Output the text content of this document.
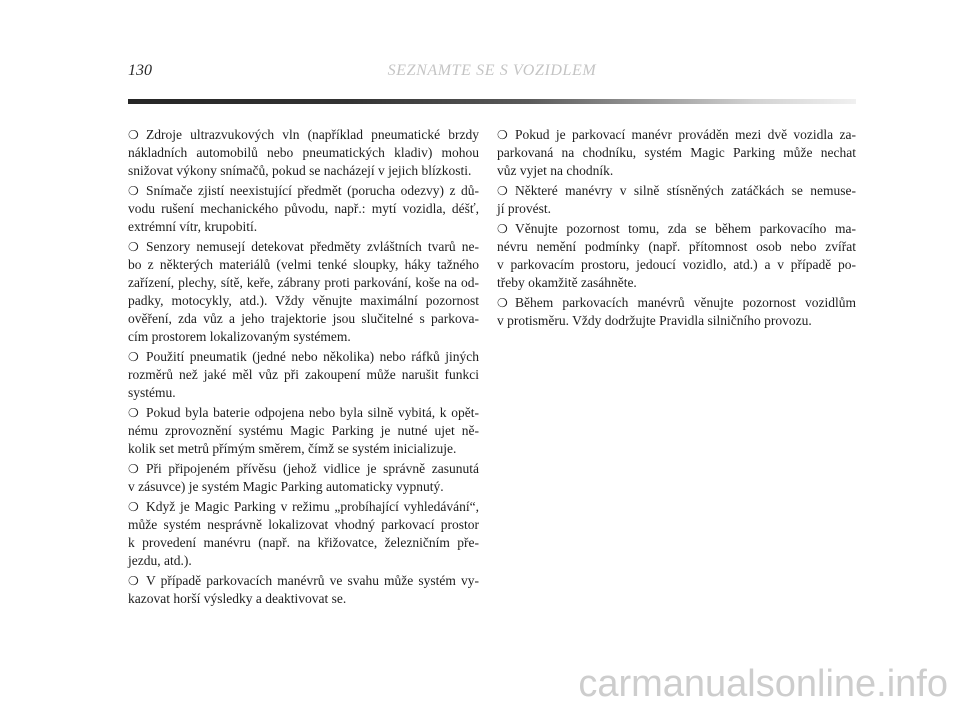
130	SEZNAMTE SE S VOZIDLEM
❍ Zdroje ultrazvukových vln (například pneumatické brzdy
nákladních automobilů nebo pneumatických kladiv) mohou
snižovat výkony snímačů, pokud se nacházejí v jejich blízkosti.
❍ Snímače zjistí neexistující předmět (porucha odezvy) z dů-
vodu rušení mechanického původu, např.: mytí vozidla, déšť,
extrémní vítr, krupobití.
❍ Senzory nemusejí detekovat předměty zvláštních tvarů ne-
bo z některých materiálů (velmi tenké sloupky, háky tažného
zařízení, plechy, sítě, keře, zábrany proti parkování, koše na od-
padky, motocykly, atd.). Vždy věnujte maximální pozornost
ověření, zda vůz a jeho trajektorie jsou slučitelné s parkova-
cím prostorem lokalizovaným systémem.
❍ Použití pneumatik (jedné nebo několika) nebo ráfků jiných
rozměrů než jaké měl vůz při zakoupení může narušit funkci
systému.
❍ Pokud byla baterie odpojena nebo byla silně vybitá, k opět-
nému zprovoznění systému Magic Parking je nutné ujet ně-
kolik set metrů přímým směrem, čímž se systém inicializuje.
❍ Při připojeném přívěsu (jehož vidlice je správně zasunutá
v zásuvce) je systém Magic Parking automaticky vypnutý.
❍ Když je Magic Parking v režimu „probíhající vyhledávání“,
může systém nesprávně lokalizovat vhodný parkovací prostor
k provedení manévru (např. na křižovatce, železničním pře-
jezdu, atd.).
❍ V případě parkovacích manévrů ve svahu může systém vy-
kazovat horší výsledky a deaktivovat se.
❍ Pokud je parkovací manévr prováděn mezi dvě vozidla za-
parkovaná na chodníku, systém Magic Parking může nechat
vůz vyjet na chodník.
❍ Některé manévry v silně stísněných zatáčkách se nemuse-
jí provést.
❍ Věnujte pozornost tomu, zda se během parkovacího ma-
névru nemění podmínky (např. přítomnost osob nebo zvířat
v parkovacím prostoru, jedoucí vozidlo, atd.) a v případě po-
třeby okamžitě zasáhněte.
❍ Během parkovacích manévrů věnujte pozornost vozidlům
v protisměru. Vždy dodržujte Pravidla silničního provozu.
carmanualsonline.info
